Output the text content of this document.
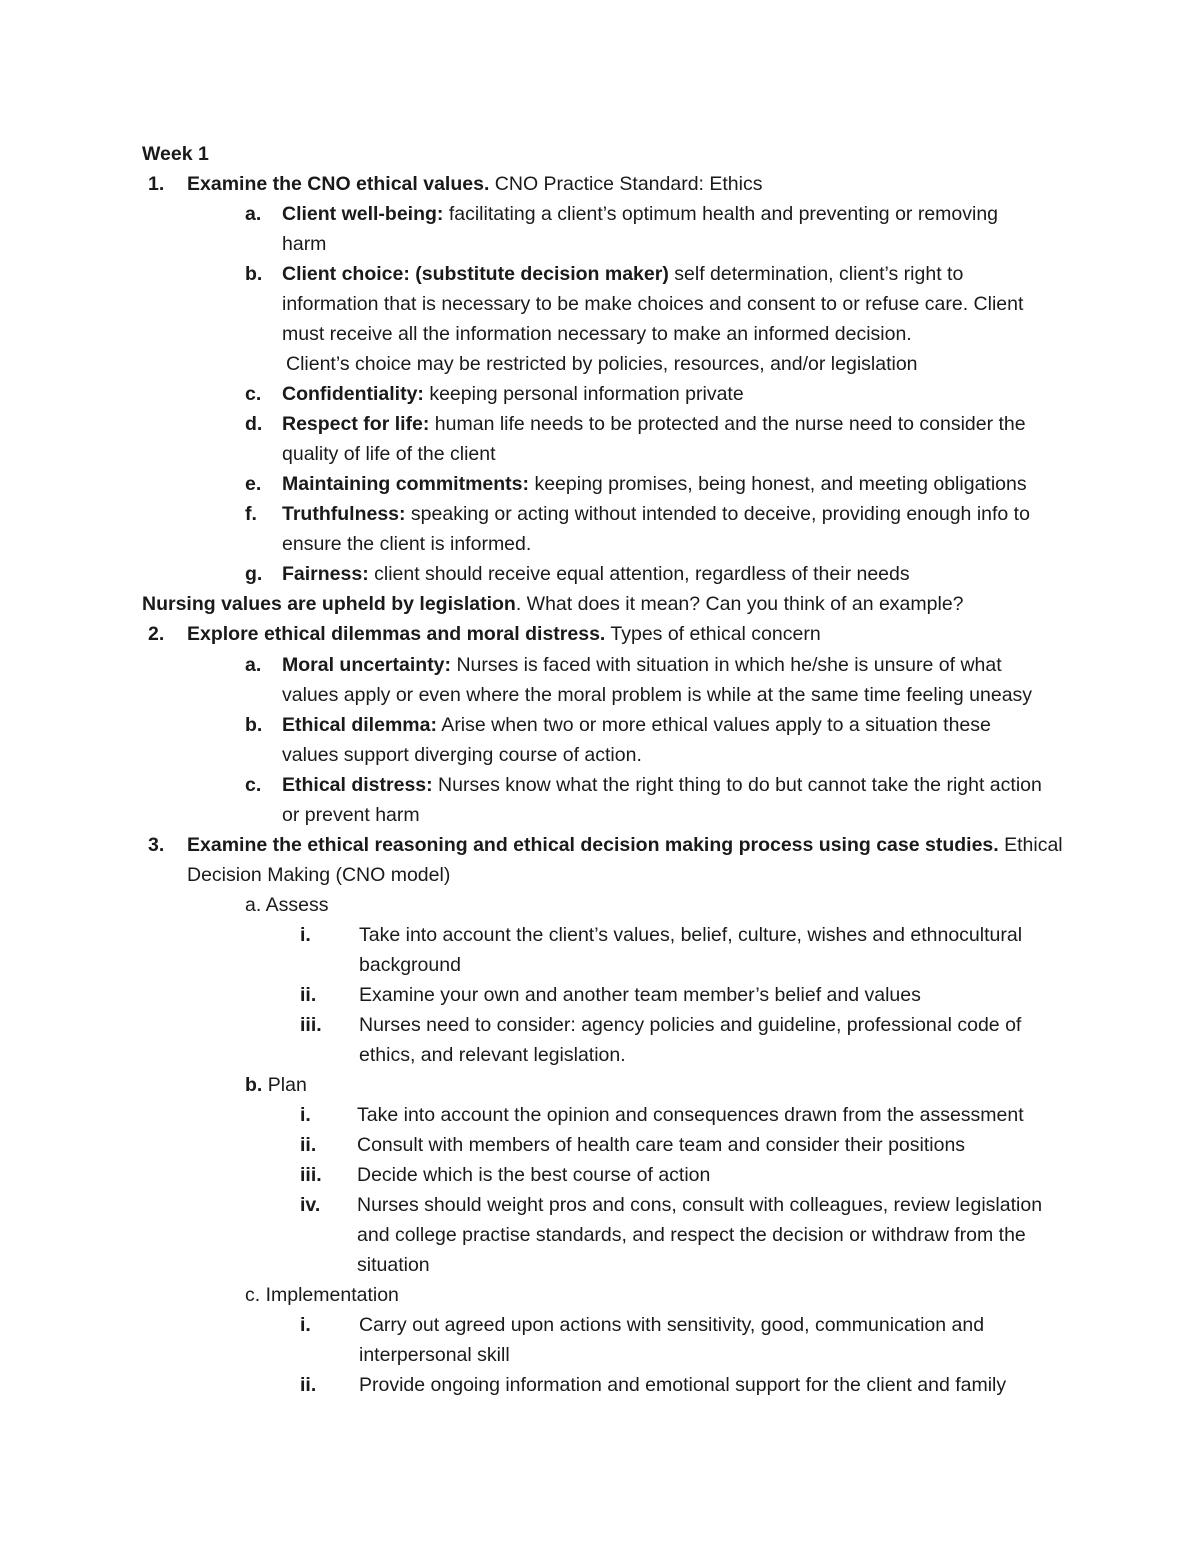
Week 1
1. Examine the CNO ethical values. CNO Practice Standard: Ethics
a. Client well-being: facilitating a client’s optimum health and preventing or removing
harm
b. Client choice: (substitute decision maker) self determination, client’s right to
information that is necessary to be make choices and consent to or refuse care. Client
must receive all the information necessary to make an informed decision.
Client’s choice may be restricted by policies, resources, and/or legislation
c. Confidentiality: keeping personal information private
d. Respect for life: human life needs to be protected and the nurse need to consider the
quality of life of the client
e. Maintaining commitments: keeping promises, being honest, and meeting obligations
f. Truthfulness: speaking or acting without intended to deceive, providing enough info to
ensure the client is informed.
g. Fairness: client should receive equal attention, regardless of their needs
Nursing values are upheld by legislation. What does it mean? Can you think of an example?
2. Explore ethical dilemmas and moral distress. Types of ethical concern
a. Moral uncertainty: Nurses is faced with situation in which he/she is unsure of what
values apply or even where the moral problem is while at the same time feeling uneasy
b. Ethical dilemma: Arise when two or more ethical values apply to a situation these
values support diverging course of action.
c. Ethical distress: Nurses know what the right thing to do but cannot take the right action
or prevent harm
3. Examine the ethical reasoning and ethical decision making process using case studies. Ethical
Decision Making (CNO model)
a. Assess
i. Take into account the client’s values, belief, culture, wishes and ethnocultural
background
ii. Examine your own and another team member’s belief and values
iii. Nurses need to consider: agency policies and guideline, professional code of
ethics, and relevant legislation.
b. Plan
i. Take into account the opinion and consequences drawn from the assessment
ii. Consult with members of health care team and consider their positions
iii. Decide which is the best course of action
iv. Nurses should weight pros and cons, consult with colleagues, review legislation
and college practise standards, and respect the decision or withdraw from the
situation
c. Implementation
i. Carry out agreed upon actions with sensitivity, good, communication and
interpersonal skill
ii. Provide ongoing information and emotional support for the client and family
